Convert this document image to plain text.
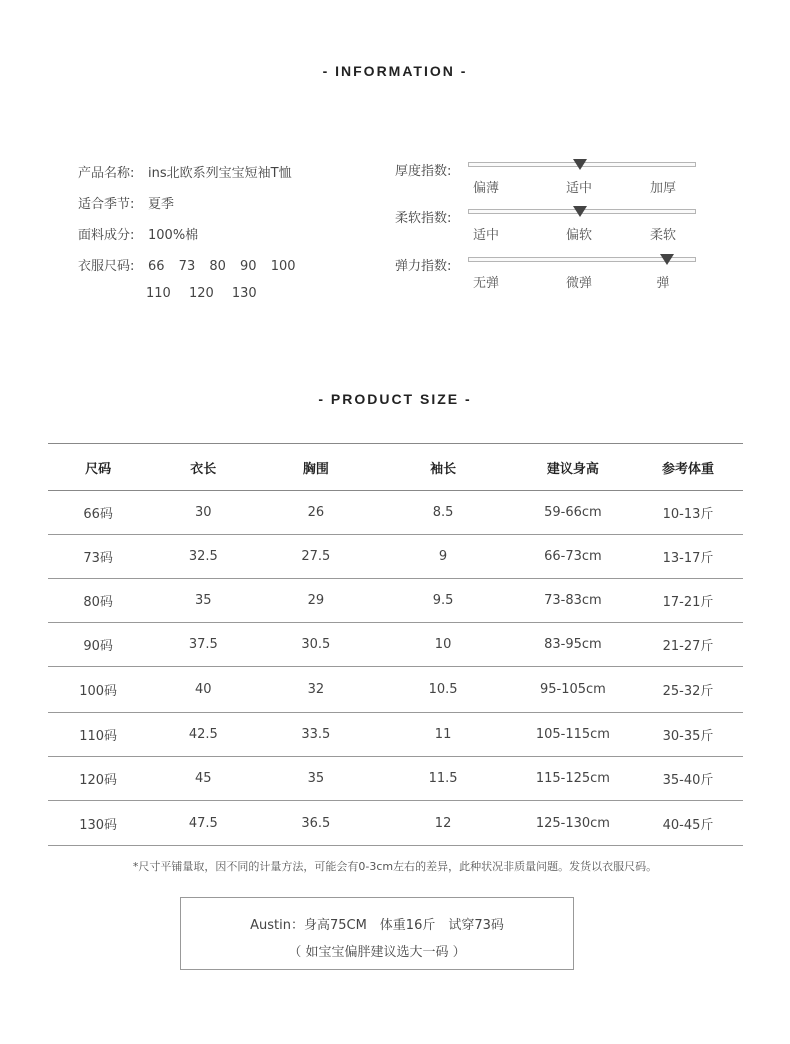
- INFORMATION -
产品名称: ins北欧系列宝宝短袖T恤
适合季节: 夏季
面料成分: 100%棉
衣服尺码: 66 73 80 90 100
110 120 130
厚度指数:
偏薄	适中	加厚
柔软指数:
适中	偏软	柔软
弹力指数:
无弹	微弹	弹
- PRODUCT SIZE -
尺码	衣长	胸围	袖长	建议身高	参考体重
66码	30	26	8.5	59-66cm	10-13斤
73码	32.5	27.5	9	66-73cm	13-17斤
80码	35	29	9.5	73-83cm	17-21斤
90码	37.5	30.5	10	83-95cm	21-27斤
100码	40	32	10.5	95-105cm	25-32斤
110码	42.5	33.5	11	105-115cm	30-35斤
120码	45	35	11.5	115-125cm	35-40斤
130码	47.5	36.5	12	125-130cm	40-45斤
*尺寸平铺量取，因不同的计量方法，可能会有0-3cm左右的差异，此种状况非质量问题。发货以衣服尺码。
Austin：身高75CM　体重16斤　试穿73码
（ 如宝宝偏胖建议选大一码 ）
